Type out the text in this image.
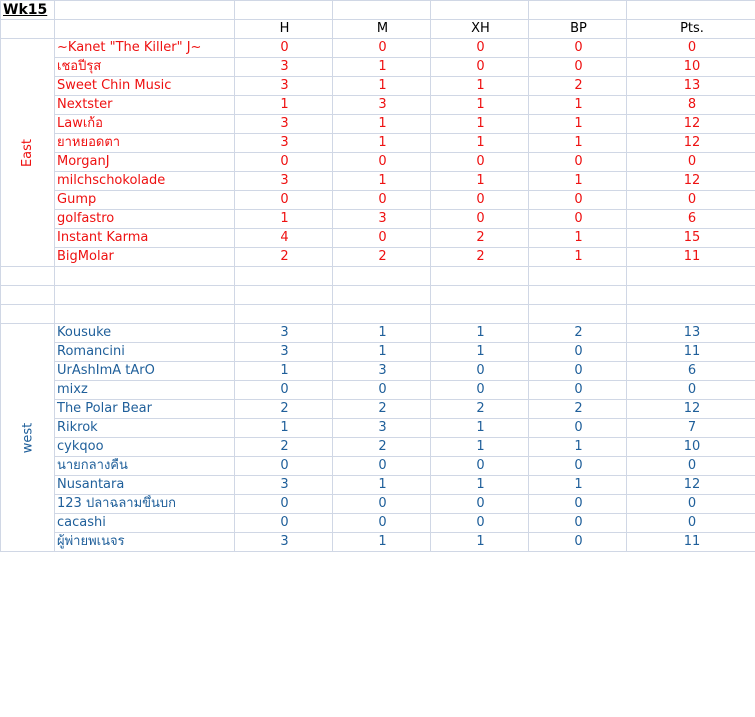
Wk15						
		H	M	XH	BP	Pts.
East	~Kanet "The Killer" J~	0	0	0	0	0
	เชอปีรุส	3	1	0	0	10
	Sweet Chin Music	3	1	1	2	13
	Nextster	1	3	1	1	8
	Lawเก้อ	3	1	1	1	12
	ยาหยอดตา	3	1	1	1	12
	MorganJ	0	0	0	0	0
	milchschokolade	3	1	1	1	12
	Gump	0	0	0	0	0
	golfastro	1	3	0	0	6
	Instant Karma	4	0	2	1	15
	BigMolar	2	2	2	1	11

west	Kousuke	3	1	1	2	13
	Romancini	3	1	1	0	11
	UrAshImA tArO	1	3	0	0	6
	mixz	0	0	0	0	0
	The Polar Bear	2	2	2	2	12
	Rikrok	1	3	1	0	7
	cykqoo	2	2	1	1	10
	นายกลางคืน	0	0	0	0	0
	Nusantara	3	1	1	1	12
	123 ปลาฉลามขึ้นบก	0	0	0	0	0
	cacashi	0	0	0	0	0
	ผู้พ่ายพเนจร	3	1	1	0	11
